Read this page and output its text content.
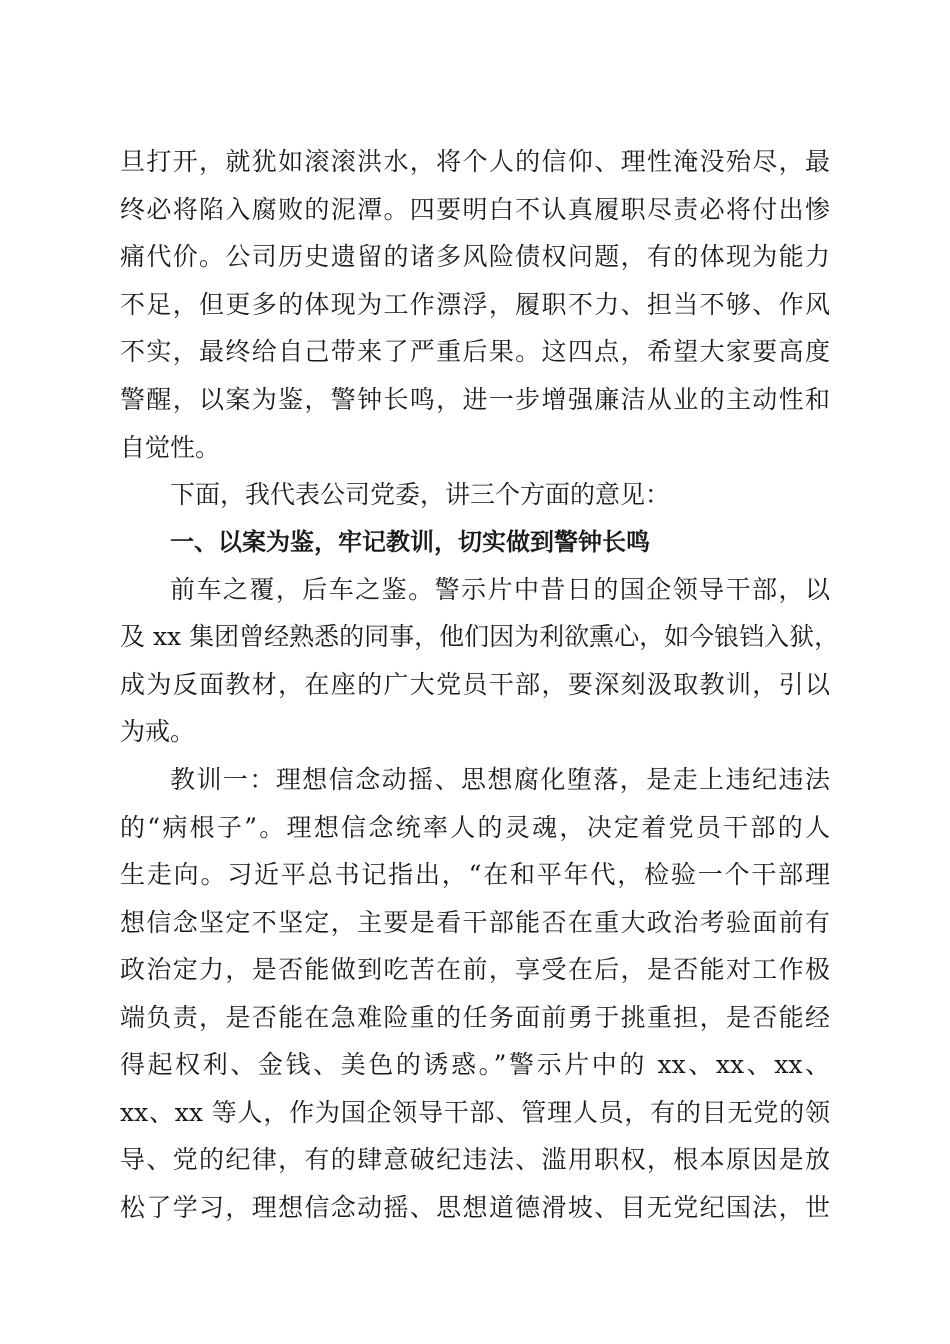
旦打开，就犹如滚滚洪水，将个人的信仰、理性淹没殆尽，最
终必将陷入腐败的泥潭。四要明白不认真履职尽责必将付出惨
痛代价。公司历史遗留的诸多风险债权问题，有的体现为能力
不足，但更多的体现为工作漂浮，履职不力、担当不够、作风
不实，最终给自己带来了严重后果。这四点，希望大家要高度
警醒，以案为鉴，警钟长鸣，进一步增强廉洁从业的主动性和
自觉性。
下面，我代表公司党委，讲三个方面的意见：
一、以案为鉴，牢记教训，切实做到警钟长鸣
前车之覆，后车之鉴。警示片中昔日的国企领导干部，以
及 xx 集团曾经熟悉的同事，他们因为利欲熏心，如今锒铛入狱，
成为反面教材，在座的广大党员干部，要深刻汲取教训，引以
为戒。
教训一：理想信念动摇、思想腐化堕落，是走上违纪违法
的“病根子”。理想信念统率人的灵魂，决定着党员干部的人
生走向。习近平总书记指出，“在和平年代，检验一个干部理
想信念坚定不坚定，主要是看干部能否在重大政治考验面前有
政治定力，是否能做到吃苦在前，享受在后，是否能对工作极
端负责，是否能在急难险重的任务面前勇于挑重担，是否能经
得起权利、金钱、美色的诱惑。”警示片中的 xx、xx、xx、
xx、xx 等人，作为国企领导干部、管理人员，有的目无党的领
导、党的纪律，有的肆意破纪违法、滥用职权，根本原因是放
松了学习，理想信念动摇、思想道德滑坡、目无党纪国法，世
